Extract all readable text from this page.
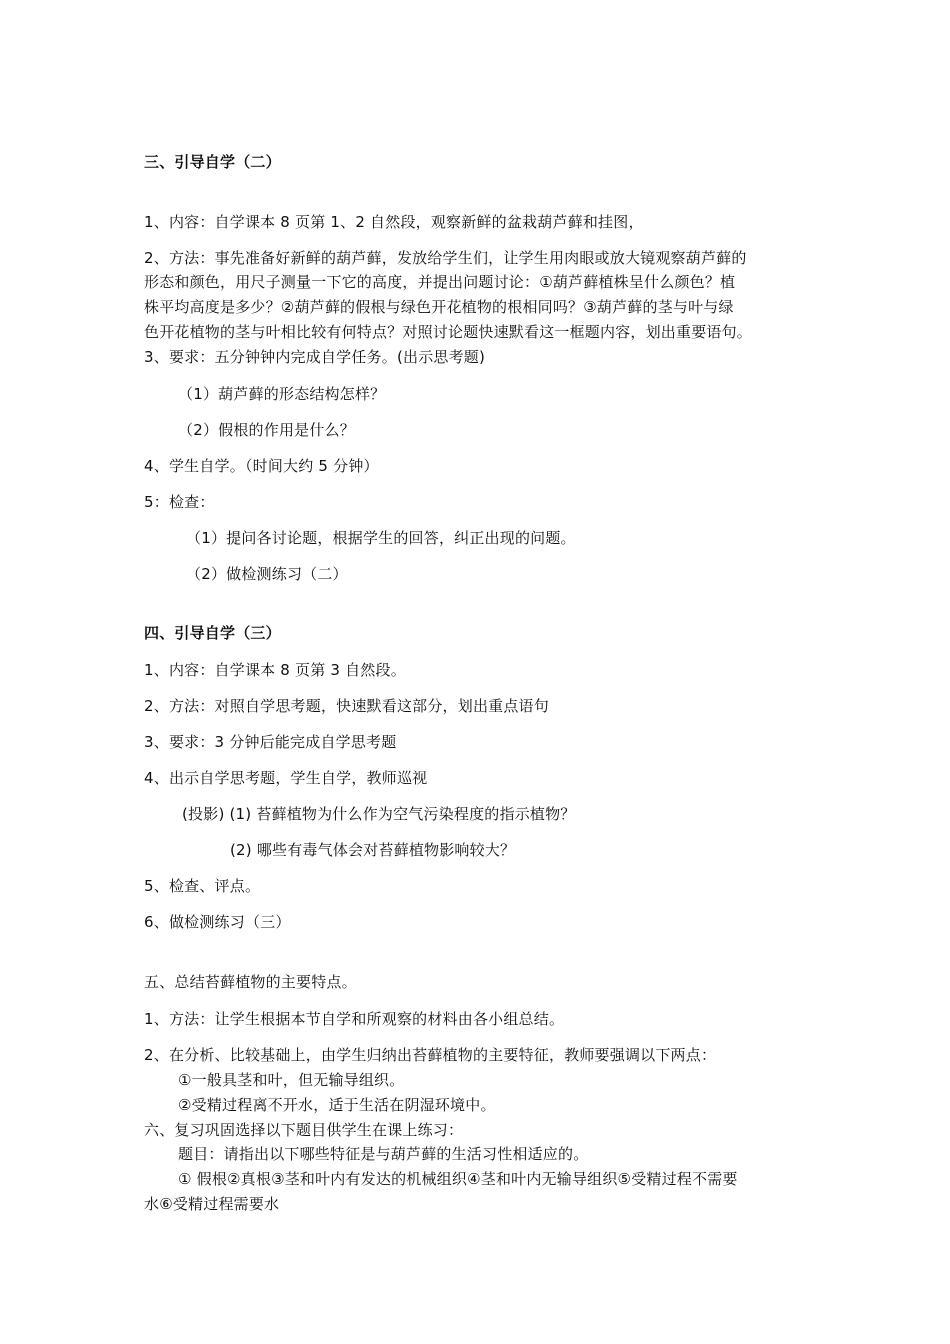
三、引导自学（二）
1、内容：自学课本 8 页第 1、2 自然段，观察新鲜的盆栽葫芦藓和挂图，
2、方法：事先准备好新鲜的葫芦藓，发放给学生们，让学生用肉眼或放大镜观察葫芦藓的
形态和颜色，用尺子测量一下它的高度，并提出问题讨论：①葫芦藓植株呈什么颜色？植
株平均高度是多少？②葫芦藓的假根与绿色开花植物的根相同吗？③葫芦藓的茎与叶与绿
色开花植物的茎与叶相比较有何特点？对照讨论题快速默看这一框题内容，划出重要语句。
3、要求：五分钟钟内完成自学任务。(出示思考题)
（1）葫芦藓的形态结构怎样？
（2）假根的作用是什么？
4、学生自学。（时间大约 5 分钟）
5：检查：
（1）提问各讨论题，根据学生的回答，纠正出现的问题。
（2）做检测练习（二）
四、引导自学（三）
1、内容：自学课本 8 页第 3 自然段。
2、方法：对照自学思考题，快速默看这部分，划出重点语句
3、要求：3 分钟后能完成自学思考题
4、出示自学思考题，学生自学，教师巡视
(投影) (1) 苔藓植物为什么作为空气污染程度的指示植物？
(2) 哪些有毒气体会对苔藓植物影响较大？
5、检查、评点。
6、做检测练习（三）
五、总结苔藓植物的主要特点。
1、方法：让学生根据本节自学和所观察的材料由各小组总结。
2、在分析、比较基础上，由学生归纳出苔藓植物的主要特征，教师要强调以下两点：
①一般具茎和叶，但无输导组织。
②受精过程离不开水，适于生活在阴湿环境中。
六、复习巩固选择以下题目供学生在课上练习：
题目：请指出以下哪些特征是与葫芦藓的生活习性相适应的。
① 假根②真根③茎和叶内有发达的机械组织④茎和叶内无输导组织⑤受精过程不需要
水⑥受精过程需要水
